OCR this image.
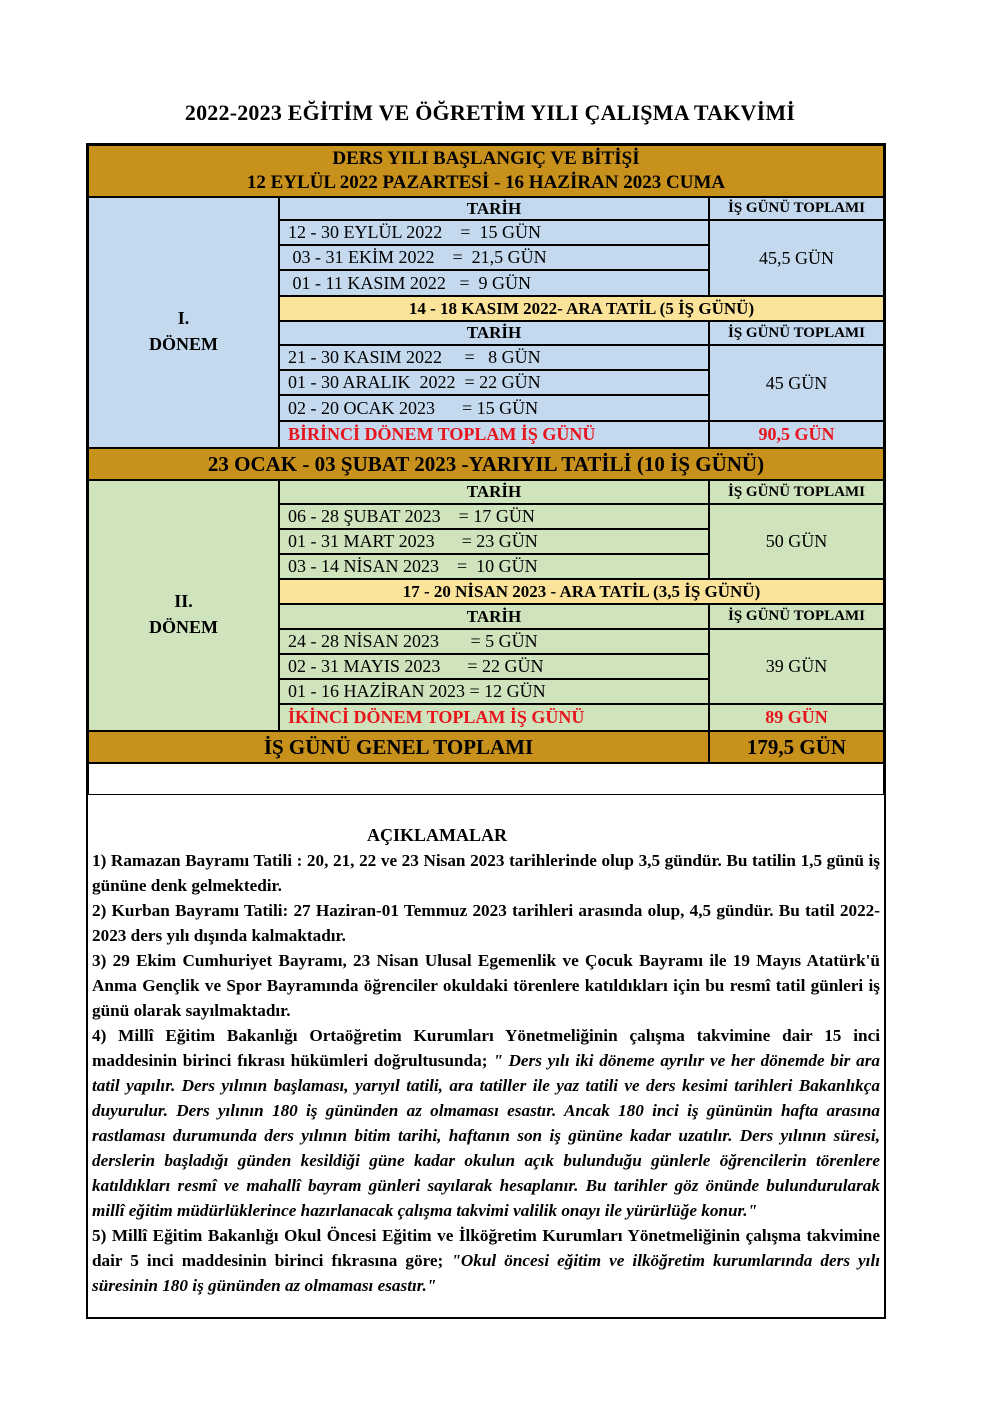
2022-2023 EĞİTİM VE ÖĞRETİM YILI ÇALIŞMA TAKVİMİ
DERS YILI BAŞLANGIÇ VE BİTİŞİ
12 EYLÜL 2022 PAZARTESİ - 16 HAZİRAN 2023 CUMA
I.
DÖNEM
TARİH	İŞ GÜNÜ TOPLAMI
12 - 30 EYLÜL 2022    =  15 GÜN
03 - 31 EKİM 2022    =  21,5 GÜN
01 - 11 KASIM 2022   =  9 GÜN
45,5 GÜN
14 - 18 KASIM 2022- ARA TATİL (5 İŞ GÜNÜ)
TARİH	İŞ GÜNÜ TOPLAMI
21 - 30 KASIM 2022     =   8 GÜN
01 - 30 ARALIK  2022  = 22 GÜN
02 - 20 OCAK 2023      = 15 GÜN
45 GÜN
BİRİNCİ DÖNEM TOPLAM İŞ GÜNÜ	90,5 GÜN
23 OCAK - 03 ŞUBAT 2023 -YARIYIL TATİLİ (10 İŞ GÜNÜ)
II.
DÖNEM
TARİH	İŞ GÜNÜ TOPLAMI
06 - 28 ŞUBAT 2023    = 17 GÜN
01 - 31 MART 2023      = 23 GÜN
03 - 14 NİSAN 2023    =  10 GÜN
50 GÜN
17 - 20 NİSAN 2023 - ARA TATİL (3,5 İŞ GÜNÜ)
TARİH	İŞ GÜNÜ TOPLAMI
24 - 28 NİSAN 2023       = 5 GÜN
02 - 31 MAYIS 2023      = 22 GÜN
01 - 16 HAZİRAN 2023 = 12 GÜN
39 GÜN
İKİNCİ DÖNEM TOPLAM İŞ GÜNÜ	89 GÜN
İŞ GÜNÜ GENEL TOPLAMI	179,5 GÜN
AÇIKLAMALAR

1) Ramazan Bayramı Tatili : 20, 21, 22 ve 23 Nisan 2023 tarihlerinde olup 3,5 gündür. Bu tatilin 1,5 günü iş gününe denk gelmektedir.

2) Kurban Bayramı Tatili: 27 Haziran-01 Temmuz 2023 tarihleri arasında olup, 4,5 gündür. Bu tatil 2022-2023 ders yılı dışında kalmaktadır.

3) 29 Ekim Cumhuriyet Bayramı, 23 Nisan Ulusal Egemenlik ve Çocuk Bayramı ile 19 Mayıs Atatürk'ü Anma Gençlik ve Spor Bayramında öğrenciler okuldaki törenlere katıldıkları için bu resmî tatil günleri iş günü olarak sayılmaktadır.

4) Millî Eğitim Bakanlığı Ortaöğretim Kurumları Yönetmeliğinin çalışma takvimine dair 15 inci maddesinin birinci fıkrası hükümleri doğrultusunda; " Ders yılı iki döneme ayrılır ve her dönemde bir ara tatil yapılır. Ders yılının başlaması, yarıyıl tatili, ara tatiller ile yaz tatili ve ders kesimi tarihleri Bakanlıkça duyurulur. Ders yılının 180 iş gününden az olmaması esastır. Ancak 180 inci iş gününün hafta arasına rastlaması durumunda ders yılının bitim tarihi, haftanın son iş gününe kadar uzatılır. Ders yılının süresi, derslerin başladığı günden kesildiği güne kadar okulun açık bulunduğu günlerle öğrencilerin törenlere katıldıkları resmî ve mahallî bayram günleri sayılarak hesaplanır. Bu tarihler göz önünde bulundurularak millî eğitim müdürlüklerince hazırlanacak çalışma takvimi valilik onayı ile yürürlüğe konur."

5) Millî Eğitim Bakanlığı Okul Öncesi Eğitim ve İlköğretim Kurumları Yönetmeliğinin çalışma takvimine dair 5 inci maddesinin birinci fıkrasına göre; "Okul öncesi eğitim ve ilköğretim kurumlarında ders yılı süresinin 180 iş gününden az olmaması esastır."
